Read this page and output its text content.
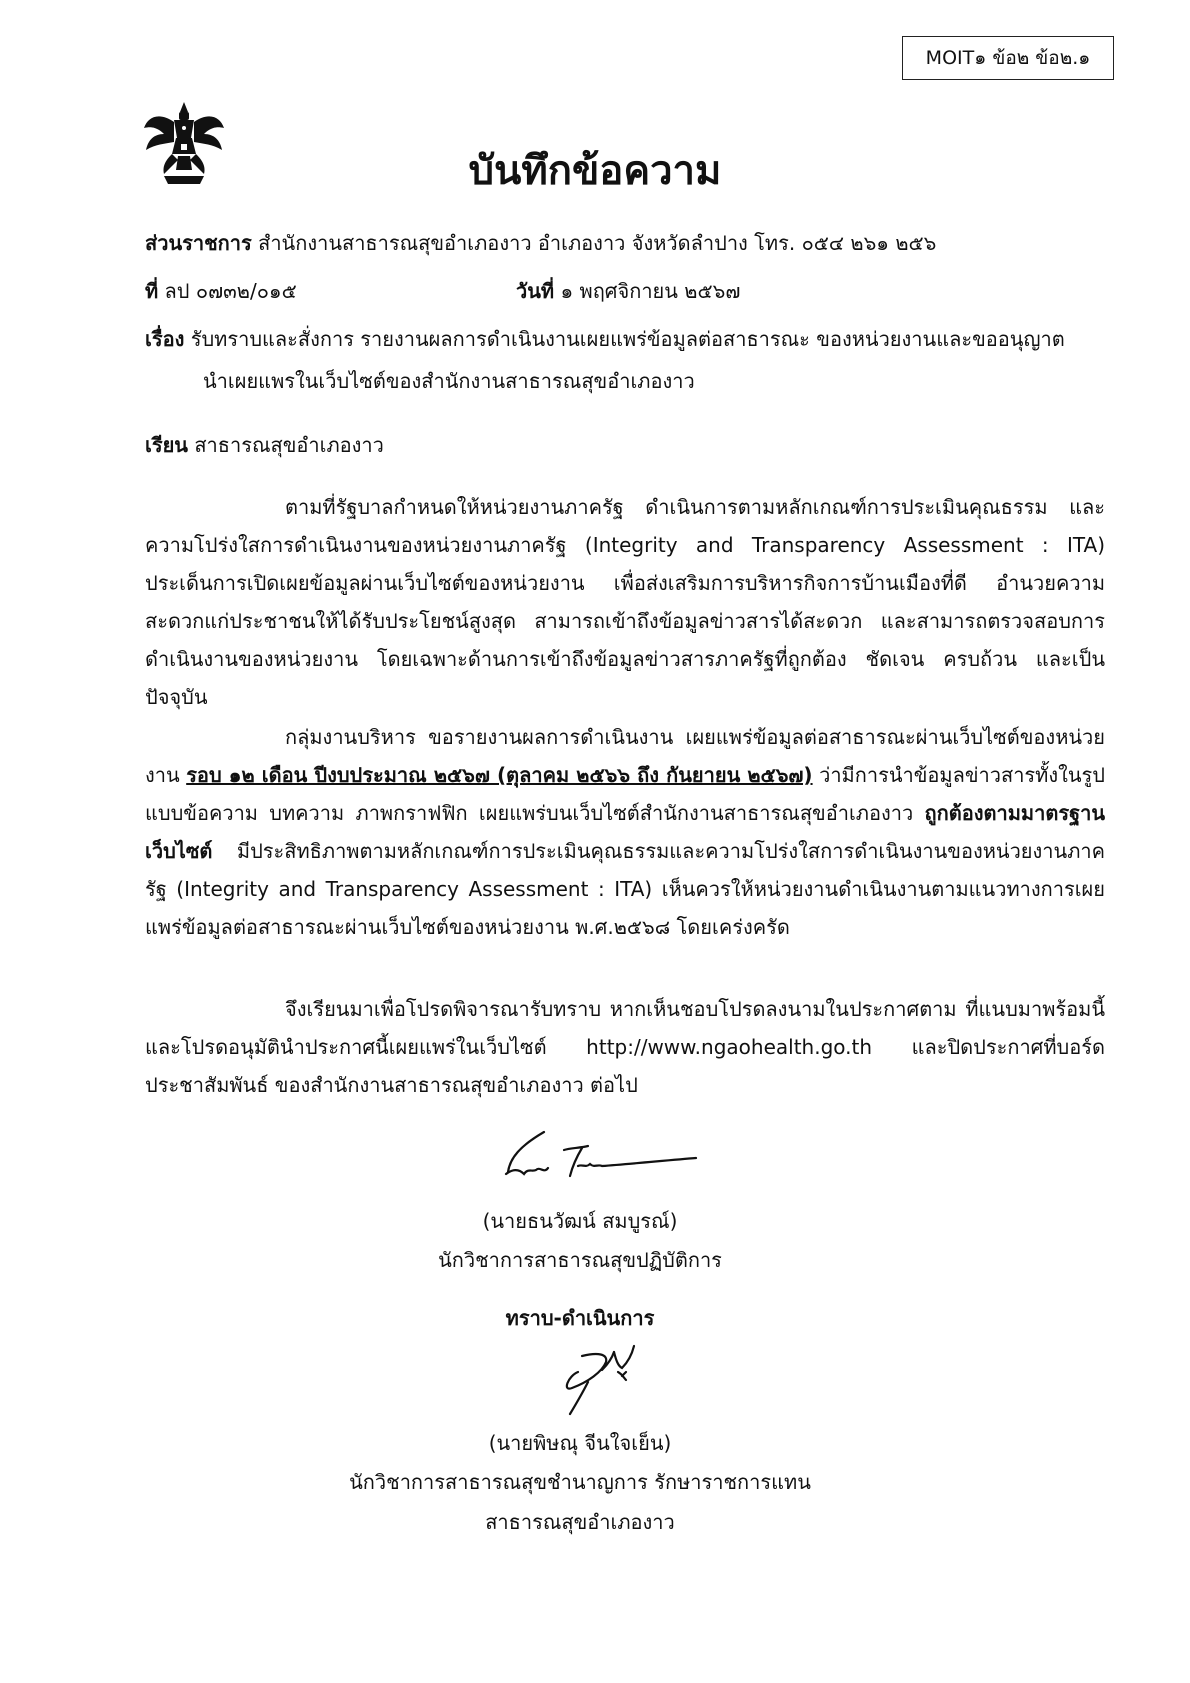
MOIT๑ ข้อ๒ ข้อ๒.๑
บันทึกข้อความ
ส่วนราชการ สำนักงานสาธารณสุขอำเภองาว อำเภองาว จังหวัดลำปาง โทร. ๐๕๔ ๒๖๑ ๒๕๖
ที่ ลป ๐๗๓๒/๐๑๕	วันที่ ๑ พฤศจิกายน ๒๕๖๗
เรื่อง รับทราบและสั่งการ รายงานผลการดำเนินงานเผยแพร่ข้อมูลต่อสาธารณะ ของหน่วยงานและขออนุญาต
นำเผยแพรในเว็บไซต์ของสำนักงานสาธารณสุขอำเภองาว
เรียน สาธารณสุขอำเภองาว

ตามที่รัฐบาลกำหนดให้หน่วยงานภาครัฐ ดำเนินการตามหลักเกณฑ์การประเมินคุณธรรม และความโปร่งใสการดำเนินงานของหน่วยงานภาครัฐ (Integrity and Transparency Assessment : ITA) ประเด็นการเปิดเผยข้อมูลผ่านเว็บไซต์ของหน่วยงาน เพื่อส่งเสริมการบริหารกิจการบ้านเมืองที่ดี อำนวยความสะดวกแก่ประชาชนให้ได้รับประโยชน์สูงสุด สามารถเข้าถึงข้อมูลข่าวสารได้สะดวก และสามารถตรวจสอบการดำเนินงานของหน่วยงาน โดยเฉพาะด้านการเข้าถึงข้อมูลข่าวสารภาครัฐที่ถูกต้อง ชัดเจน ครบถ้วน และเป็นปัจจุบัน

กลุ่มงานบริหาร ขอรายงานผลการดำเนินงาน เผยแพร่ข้อมูลต่อสาธารณะผ่านเว็บไซต์ของหน่วยงาน รอบ ๑๒ เดือน ปีงบประมาณ ๒๕๖๗ (ตุลาคม ๒๕๖๖ ถึง กันยายน ๒๕๖๗) ว่ามีการนำข้อมูลข่าวสารทั้งในรูปแบบข้อความ บทความ ภาพกราฟฟิก เผยแพร่บนเว็บไซต์สำนักงานสาธารณสุขอำเภองาว ถูกต้องตามมาตรฐานเว็บไซต์ มีประสิทธิภาพตามหลักเกณฑ์การประเมินคุณธรรมและความโปร่งใสการดำเนินงานของหน่วยงานภาครัฐ (Integrity and Transparency Assessment : ITA) เห็นควรให้หน่วยงานดำเนินงานตามแนวทางการเผยแพร่ข้อมูลต่อสาธารณะผ่านเว็บไซต์ของหน่วยงาน พ.ศ.๒๕๖๘ โดยเคร่งครัด

จึงเรียนมาเพื่อโปรดพิจารณารับทราบ หากเห็นชอบโปรดลงนามในประกาศตาม ที่แนบมาพร้อมนี้และโปรดอนุมัตินำประกาศนี้เผยแพร่ในเว็บไซต์ http://www.ngaohealth.go.th และปิดประกาศที่บอร์ดประชาสัมพันธ์ ของสำนักงานสาธารณสุขอำเภองาว ต่อไป

(นายธนวัฒน์ สมบูรณ์)
นักวิชาการสาธารณสุขปฏิบัติการ
ทราบ-ดำเนินการ
(นายพิษณุ จีนใจเย็น)
นักวิชาการสาธารณสุขชำนาญการ รักษาราชการแทน
สาธารณสุขอำเภองาว
